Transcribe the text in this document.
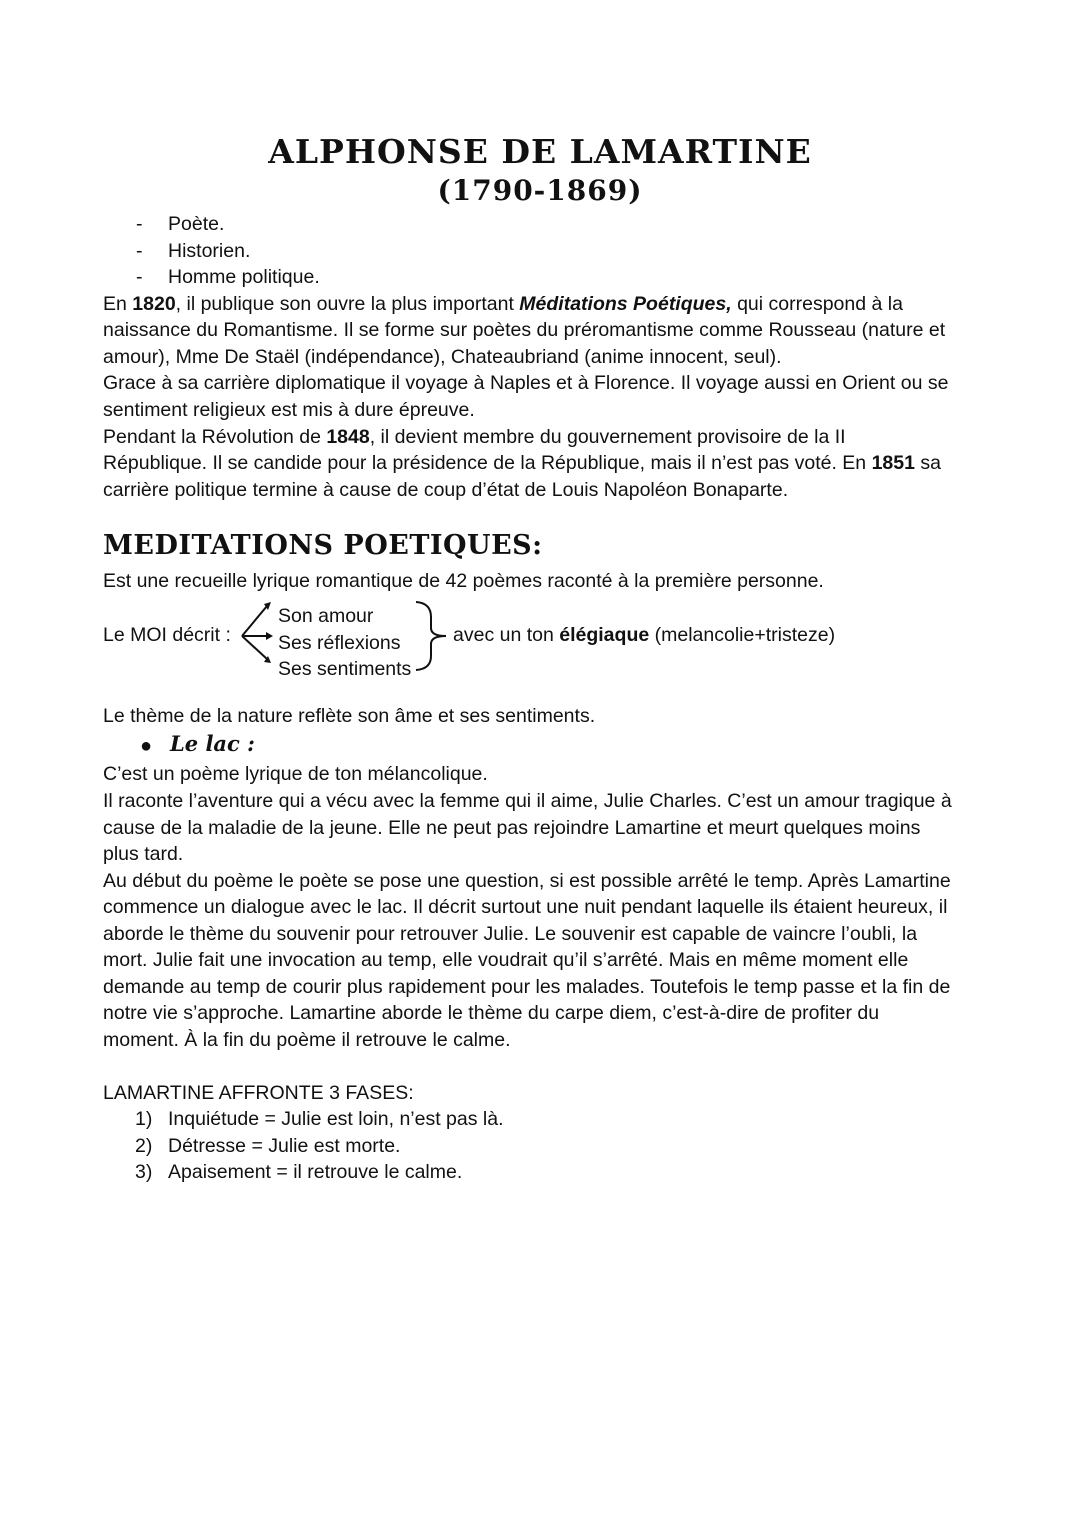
ALPHONSE DE LAMARTINE
(1790-1869)
- Poète.
- Historien.
- Homme politique.
En 1820, il publique son ouvre la plus important Méditations Poétiques, qui correspond à la
naissance du Romantisme. Il se forme sur poètes du préromantisme comme Rousseau (nature et
amour), Mme De Staël (indépendance), Chateaubriand (anime innocent, seul).
Grace à sa carrière diplomatique il voyage à Naples et à Florence. Il voyage aussi en Orient ou se
sentiment religieux est mis à dure épreuve.
Pendant la Révolution de 1848, il devient membre du gouvernement provisoire de la II
République. Il se candide pour la présidence de la République, mais il n’est pas voté. En 1851 sa
carrière politique termine à cause de coup d’état de Louis Napoléon Bonaparte.
MEDITATIONS POETIQUES:
Est une recueille lyrique romantique de 42 poèmes raconté à la première personne.
Le MOI décrit :
Son amour
Ses réflexions
Ses sentiments
avec un ton élégiaque (melancolie+tristeze)
Le thème de la nature reflète son âme et ses sentiments.
● Le lac :
C’est un poème lyrique de ton mélancolique.
Il raconte l’aventure qui a vécu avec la femme qui il aime, Julie Charles. C’est un amour tragique à
cause de la maladie de la jeune. Elle ne peut pas rejoindre Lamartine et meurt quelques moins
plus tard.
Au début du poème le poète se pose une question, si est possible arrêté le temp. Après Lamartine
commence un dialogue avec le lac. Il décrit surtout une nuit pendant laquelle ils étaient heureux, il
aborde le thème du souvenir pour retrouver Julie. Le souvenir est capable de vaincre l’oubli, la
mort. Julie fait une invocation au temp, elle voudrait qu’il s’arrêté. Mais en même moment elle
demande au temp de courir plus rapidement pour les malades. Toutefois le temp passe et la fin de
notre vie s’approche. Lamartine aborde le thème du carpe diem, c’est-à-dire de profiter du
moment. À la fin du poème il retrouve le calme.
LAMARTINE AFFRONTE 3 FASES:
1) Inquiétude = Julie est loin, n’est pas là.
2) Détresse = Julie est morte.
3) Apaisement = il retrouve le calme.
